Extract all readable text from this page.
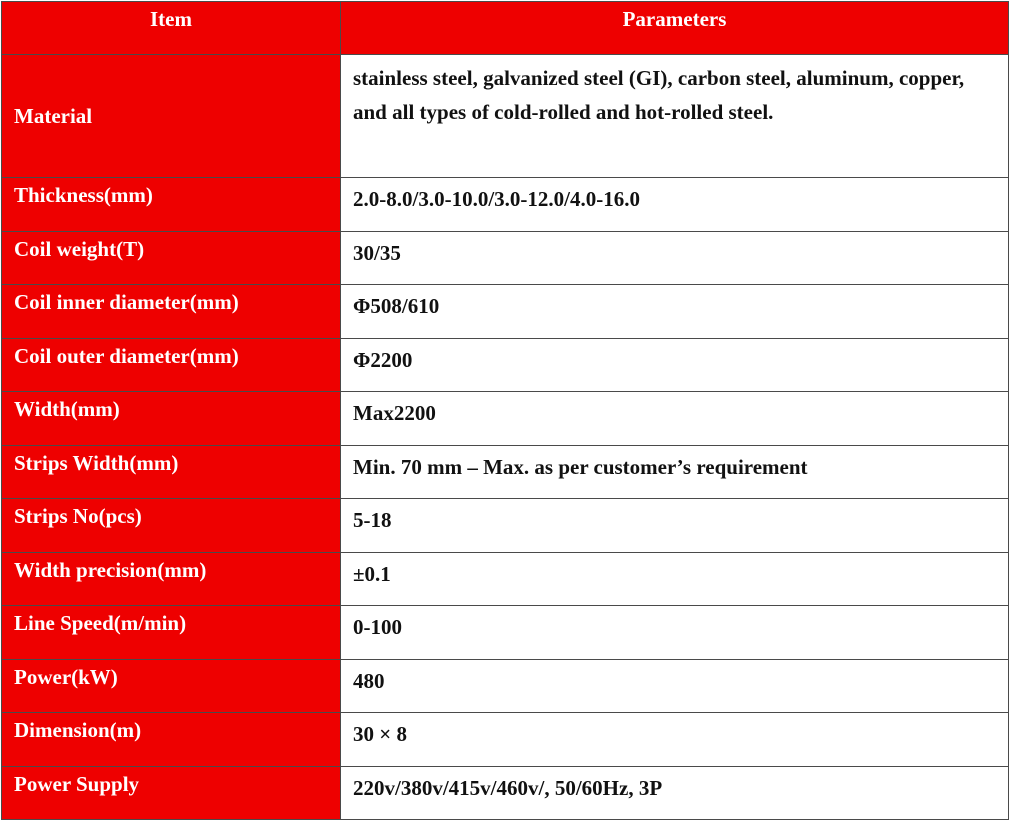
Item	Parameters
Material	stainless steel, galvanized steel (GI), carbon steel, aluminum, copper, and all types of cold-rolled and hot-rolled steel.
Thickness(mm)	2.0-8.0/3.0-10.0/3.0-12.0/4.0-16.0
Coil weight(T)	30/35
Coil inner diameter(mm)	Φ508/610
Coil outer diameter(mm)	Φ2200
Width(mm)	Max2200
Strips Width(mm)	Min. 70 mm – Max. as per customer’s requirement
Strips No(pcs)	5-18
Width precision(mm)	±0.1
Line Speed(m/min)	0-100
Power(kW)	480
Dimension(m)	30 × 8
Power Supply	220v/380v/415v/460v/, 50/60Hz, 3P
